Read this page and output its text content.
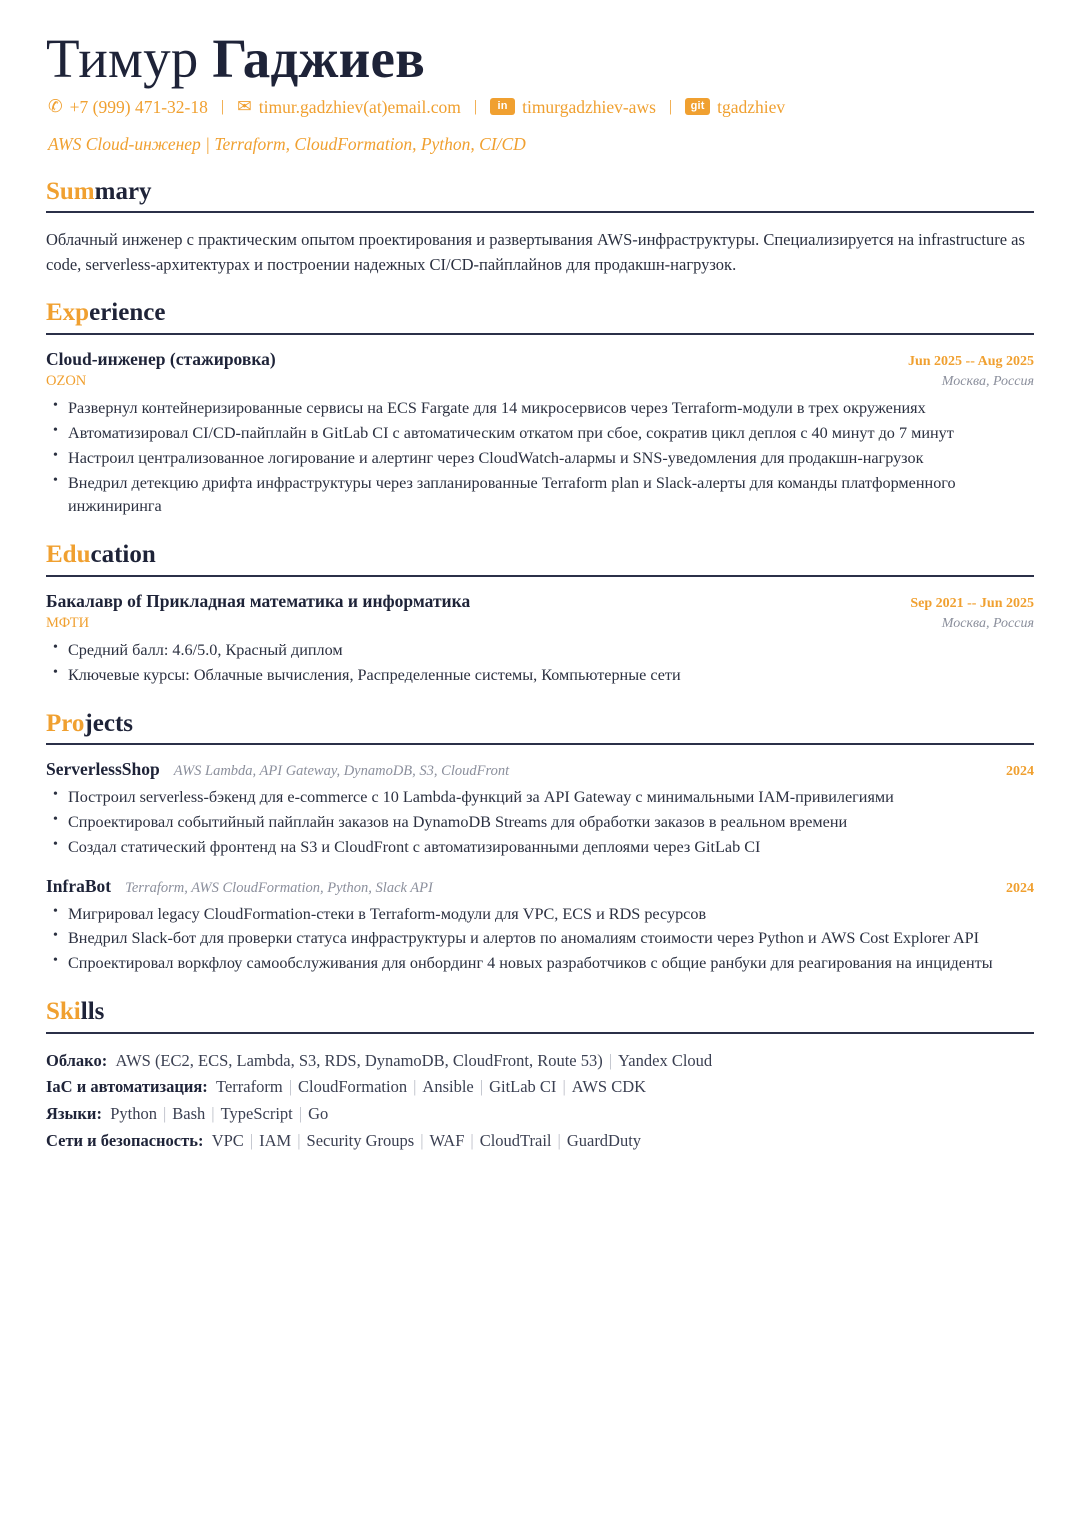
Тимур Гаджиев
✆ +7 (999) 471-32-18 | ✉ timur.gadzhiev(at)email.com |	in timurgadzhiev-aws |	git tgadzhiev
AWS Cloud-инженер | Terraform, CloudFormation, Python, CI/CD
Summary

Облачный инженер с практическим опытом проектирования и развертывания AWS-инфраструктуры. Специализируется на infrastructure as code, serverless-архитектурах и построении надежных CI/CD-пайплайнов для продакшн-нагрузок.

Experience
Cloud-инженер (стажировка)	Jun 2025 -- Aug 2025
OZON	Москва, Россия
• Развернул контейнеризированные сервисы на ECS Fargate для 14 микросервисов через Terraform-модули в трех окружениях
• Автоматизировал CI/CD-пайплайн в GitLab CI с автоматическим откатом при сбое, сократив цикл деплоя с 40 минут до 7 минут
• Настроил централизованное логирование и алертинг через CloudWatch-алармы и SNS-уведомления для продакшн-нагрузок
• Внедрил детекцию дрифта инфраструктуры через запланированные Terraform plan и Slack-алерты для команды платформенного инжиниринга
Education
Бакалавр of Прикладная математика и информатика	Sep 2021 -- Jun 2025
МФТИ	Москва, Россия
• Средний балл: 4.6/5.0, Красный диплом
• Ключевые курсы: Облачные вычисления, Распределенные системы, Компьютерные сети
Projects
ServerlessShop AWS Lambda, API Gateway, DynamoDB, S3, CloudFront	2024
• Построил serverless-бэкенд для e-commerce с 10 Lambda-функций за API Gateway с минимальными IAM-привилегиями
• Спроектировал событийный пайплайн заказов на DynamoDB Streams для обработки заказов в реальном времени
• Создал статический фронтенд на S3 и CloudFront с автоматизированными деплоями через GitLab CI
InfraBot Terraform, AWS CloudFormation, Python, Slack API	2024
• Мигрировал legacy CloudFormation-стеки в Terraform-модули для VPC, ECS и RDS ресурсов
• Внедрил Slack-бот для проверки статуса инфраструктуры и алертов по аномалиям стоимости через Python и AWS Cost Explorer API
• Спроектировал воркфлоу самообслуживания для онбординг 4 новых разработчиков с общие ранбуки для реагирования на инциденты
Skills
Облако: AWS (EC2, ECS, Lambda, S3, RDS, DynamoDB, CloudFront, Route 53) | Yandex Cloud
IaC и автоматизация: Terraform | CloudFormation | Ansible | GitLab CI | AWS CDK
Языки: Python | Bash | TypeScript | Go
Сети и безопасность: VPC | IAM | Security Groups | WAF | CloudTrail | GuardDuty
